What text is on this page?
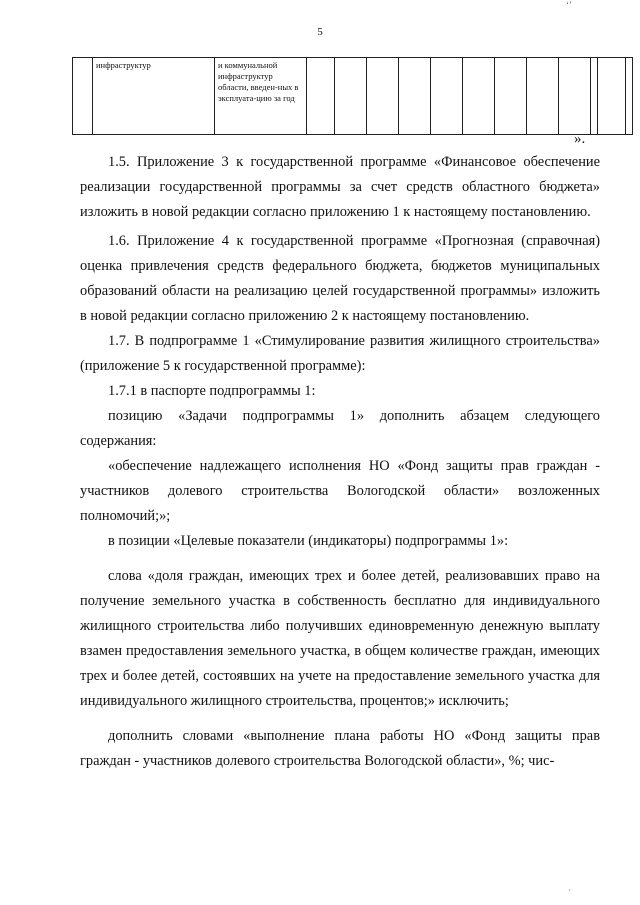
5
‘’
´
	инфраструктур	и коммунальной инфраструктур области, введен-ных в эксплуата-цию за год												
».

1.5. Приложение 3 к государственной программе «Финансовое обеспечение реализации государственной программы за счет средств областного бюджета» изложить в новой редакции согласно приложению 1 к настоящему постановлению.

1.6. Приложение 4 к государственной программе «Прогнозная (справочная) оценка привлечения средств федерального бюджета, бюджетов муниципальных образований области на реализацию целей государственной программы» изложить в новой редакции согласно приложению 2 к настоящему постановлению.

1.7. В подпрограмме 1 «Стимулирование развития жилищного строительства» (приложение 5 к государственной программе):

1.7.1 в паспорте подпрограммы 1:

позицию «Задачи подпрограммы 1» дополнить абзацем следующего содержания:

«обеспечение надлежащего исполнения НО «Фонд защиты прав граждан - участников долевого строительства Вологодской области» возложенных полномочий;»;

в позиции «Целевые показатели (индикаторы) подпрограммы 1»:

слова «доля граждан, имеющих трех и более детей, реализовавших право на получение земельного участка в собственность бесплатно для индивидуального жилищного строительства либо получивших единовременную денежную выплату взамен предоставления земельного участка, в общем количестве граждан, имеющих трех и более детей, состоявших на учете на предоставление земельного участка для индивидуального жилищного строительства, процентов;» исключить;

дополнить словами «выполнение плана работы НО «Фонд защиты прав граждан - участников долевого строительства Вологодской области», %; чис-
